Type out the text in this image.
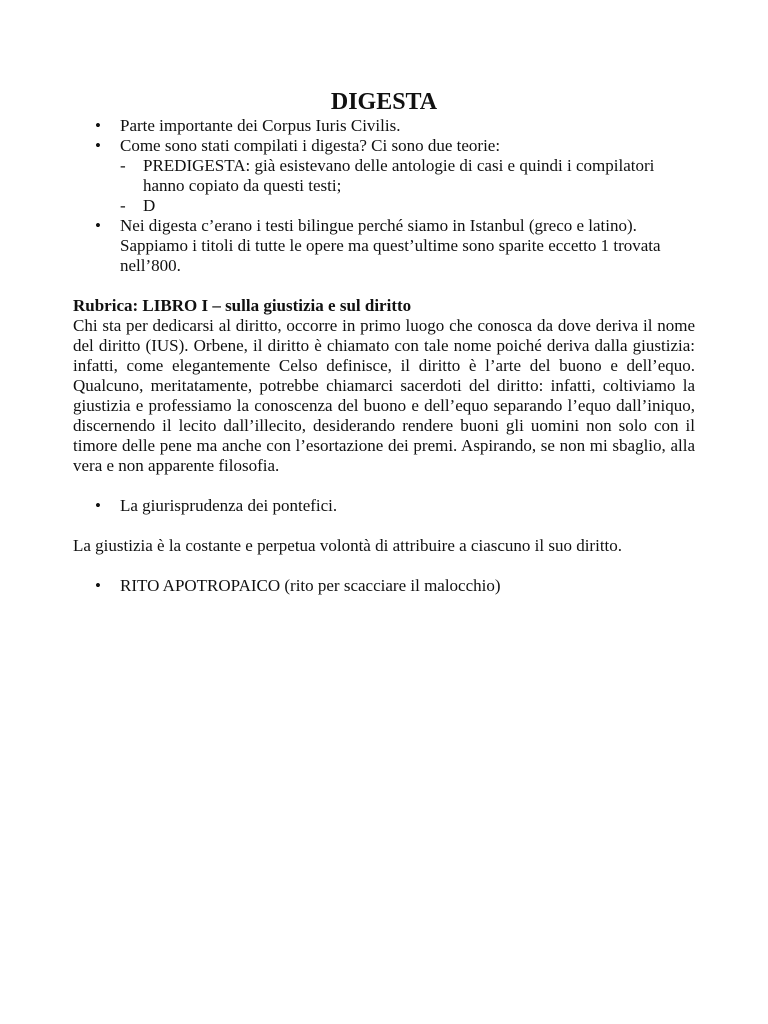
DIGESTA
•	Parte importante dei Corpus Iuris Civilis.
•	Come sono stati compilati i digesta? Ci sono due teorie:
- PREDIGESTA: già esistevano delle antologie di casi e quindi i compilatori hanno copiato da questi testi;
- D
•	Nei digesta c’erano i testi bilingue perché siamo in Istanbul (greco e latino). Sappiamo i titoli di tutte le opere ma quest’ultime sono sparite eccetto 1 trovata nell’800.
Rubrica: LIBRO I – sulla giustizia e sul diritto

Chi sta per dedicarsi al diritto, occorre in primo luogo che conosca da dove deriva il nome del diritto (IUS). Orbene, il diritto è chiamato con tale nome poiché deriva dalla giustizia: infatti, come elegantemente Celso definisce, il diritto è l’arte del buono e dell’equo. Qualcuno, meritatamente, potrebbe chiamarci sacerdoti del diritto: infatti, coltiviamo la giustizia e professiamo la conoscenza del buono e dell’equo separando l’equo dall’iniquo, discernendo il lecito dall’illecito, desiderando rendere buoni gli uomini non solo con il timore delle pene ma anche con l’esortazione dei premi. Aspirando, se non mi sbaglio, alla vera e non apparente filosofia.

•	La giurisprudenza dei pontefici.

La giustizia è la costante e perpetua volontà di attribuire a ciascuno il suo diritto.

•	RITO APOTROPAICO (rito per scacciare il malocchio)
